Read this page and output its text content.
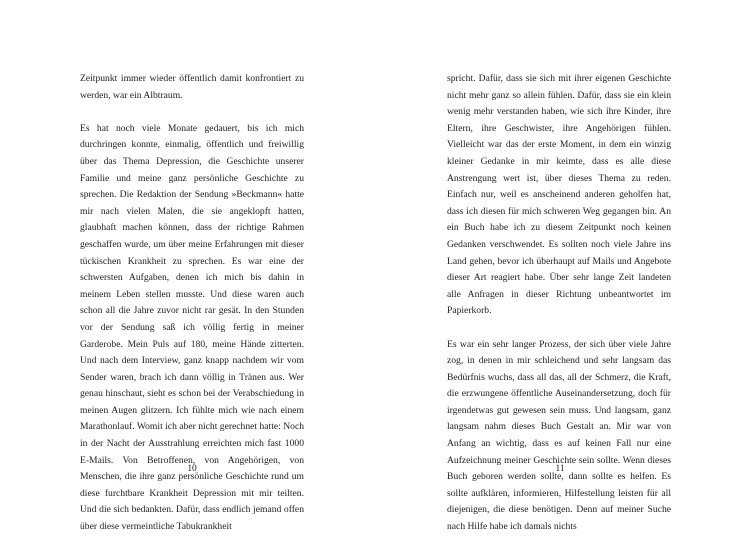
Zeitpunkt immer wieder öffentlich damit konfrontiert zu werden, war ein Albtraum.

Es hat noch viele Monate gedauert, bis ich mich durchringen konnte, einmalig, öffentlich und freiwillig über das Thema Depression, die Geschichte unserer Familie und meine ganz persönliche Geschichte zu sprechen. Die Redaktion der Sendung »Beckmann« hatte mir nach vielen Malen, die sie angeklopft hatten, glaubhaft machen können, dass der richtige Rahmen geschaffen wurde, um über meine Erfahrungen mit dieser tückischen Krankheit zu sprechen. Es war eine der schwersten Aufgaben, denen ich mich bis dahin in meinem Leben stellen musste. Und diese waren auch schon all die Jahre zuvor nicht rar gesät. In den Stunden vor der Sendung saß ich völlig fertig in meiner Garderobe. Mein Puls auf 180, meine Hände zitterten. Und nach dem Interview, ganz knapp nachdem wir vom Sender waren, brach ich dann völlig in Tränen aus. Wer genau hinschaut, sieht es schon bei der Verabschiedung in meinen Augen glitzern. Ich fühlte mich wie nach einem Marathonlauf. Womit ich aber nicht gerechnet hatte: Noch in der Nacht der Ausstrahlung erreichten mich fast 1000 E-Mails. Von Betroffenen, von Angehörigen, von Menschen, die ihre ganz persönliche Geschichte rund um diese furchtbare Krankheit Depression mit mir teilten. Und die sich bedankten. Dafür, dass endlich jemand offen über diese vermeintliche Tabukrankheit

10

spricht. Dafür, dass sie sich mit ihrer eigenen Geschichte nicht mehr ganz so allein fühlen. Dafür, dass sie ein klein wenig mehr verstanden haben, wie sich ihre Kinder, ihre Eltern, ihre Geschwister, ihre Angehörigen fühlen. Vielleicht war das der erste Moment, in dem ein winzig kleiner Gedanke in mir keimte, dass es alle diese Anstrengung wert ist, über dieses Thema zu reden. Einfach nur, weil es anscheinend anderen geholfen hat, dass ich diesen für mich schweren Weg gegangen bin. An ein Buch habe ich zu diesem Zeitpunkt noch keinen Gedanken verschwendet. Es sollten noch viele Jahre ins Land gehen, bevor ich überhaupt auf Mails und Angebote dieser Art reagiert habe. Über sehr lange Zeit landeten alle Anfragen in dieser Richtung unbeantwortet im Papierkorb.

Es war ein sehr langer Prozess, der sich über viele Jahre zog, in denen in mir schleichend und sehr langsam das Bedürfnis wuchs, dass all das, all der Schmerz, die Kraft, die erzwungene öffentliche Auseinandersetzung, doch für irgendetwas gut gewesen sein muss. Und langsam, ganz langsam nahm dieses Buch Gestalt an. Mir war von Anfang an wichtig, dass es auf keinen Fall nur eine Aufzeichnung meiner Geschichte sein sollte. Wenn dieses Buch geboren werden sollte, dann sollte es helfen. Es sollte aufklären, informieren, Hilfestellung leisten für all diejenigen, die diese benötigen. Denn auf meiner Suche nach Hilfe habe ich damals nichts

11
